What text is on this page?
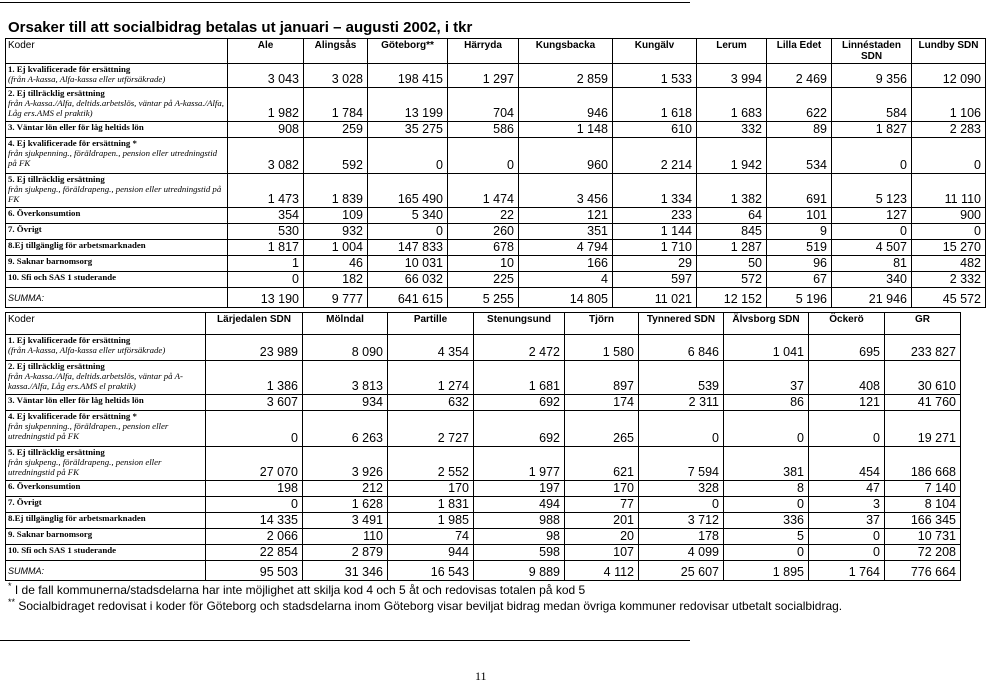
Orsaker till att socialbidrag betalas ut januari – augusti 2002, i tkr
Koder	Ale	Alingsås	Göteborg**	Härryda	Kungsbacka	Kungälv	Lerum	Lilla Edet	Linnéstaden SDN	Lundby SDN

1. Ej kvalificerade för ersättning
(från A-kassa, Alfa-kassa eller utförsäkrade)	3 043	3 028	198 415	1 297	2 859	1 533	3 994	2 469	9 356	12 090

2. Ej tillräcklig ersättning
från A-kassa./Alfa, deltids.arbetslös, väntar på A-kassa./Alfa, Låg ers.AMS el praktik)	1 982	1 784	13 199	704	946	1 618	1 683	622	584	1 106

3. Väntar lön eller för låg heltids lön	908	259	35 275	586	1 148	610	332	89	1 827	2 283

4. Ej kvalificerade för ersättning *
från sjukpenning., föräldrapen., pension eller utredningstid på FK	3 082	592	0	0	960	2 214	1 942	534	0	0

5. Ej tillräcklig ersättning
från sjukpeng., föräldrapeng., pension eller utredningstid på FK	1 473	1 839	165 490	1 474	3 456	1 334	1 382	691	5 123	11 110

6. Överkonsumtion	354	109	5 340	22	121	233	64	101	127	900

7. Övrigt	530	932	0	260	351	1 144	845	9	0	0

8.Ej tillgänglig för arbetsmarknaden	1 817	1 004	147 833	678	4 794	1 710	1 287	519	4 507	15 270

9. Saknar barnomsorg	1	46	10 031	10	166	29	50	96	81	482

10. Sfi och SAS 1 studerande	0	182	66 032	225	4	597	572	67	340	2 332
SUMMA:	13 190	9 777	641 615	5 255	14 805	11 021	12 152	5 196	21 946	45 572
Koder	Lärjedalen SDN	Mölndal	Partille	Stenungsund	Tjörn	Tynnered SDN	Älvsborg SDN	Öckerö	GR

1. Ej kvalificerade för ersättning
(från A-kassa, Alfa-kassa eller utförsäkrade)	23 989	8 090	4 354	2 472	1 580	6 846	1 041	695	233 827

2. Ej tillräcklig ersättning
från A-kassa./Alfa, deltids.arbetslös, väntar på A-kassa./Alfa, Låg ers.AMS el praktik)	1 386	3 813	1 274	1 681	897	539	37	408	30 610

3. Väntar lön eller för låg heltids lön	3 607	934	632	692	174	2 311	86	121	41 760

4. Ej kvalificerade för ersättning *
från sjukpenning., föräldrapen., pension eller utredningstid på FK	0	6 263	2 727	692	265	0	0	0	19 271

5. Ej tillräcklig ersättning
från sjukpeng., föräldrapeng., pension eller utredningstid på FK	27 070	3 926	2 552	1 977	621	7 594	381	454	186 668

6. Överkonsumtion	198	212	170	197	170	328	8	47	7 140

7. Övrigt	0	1 628	1 831	494	77	0	0	3	8 104

8.Ej tillgänglig för arbetsmarknaden	14 335	3 491	1 985	988	201	3 712	336	37	166 345

9. Saknar barnomsorg	2 066	110	74	98	20	178	5	0	10 731

10. Sfi och SAS 1 studerande	22 854	2 879	944	598	107	4 099	0	0	72 208
SUMMA:	95 503	31 346	16 543	9 889	4 112	25 607	1 895	1 764	776 664
* I de fall kommunerna/stadsdelarna har inte möjlighet att skilja kod 4 och 5 åt och redovisas totalen på kod 5
** Socialbidraget redovisat i koder för Göteborg och stadsdelarna inom Göteborg visar beviljat bidrag medan övriga kommuner redovisar utbetalt socialbidrag.
11
